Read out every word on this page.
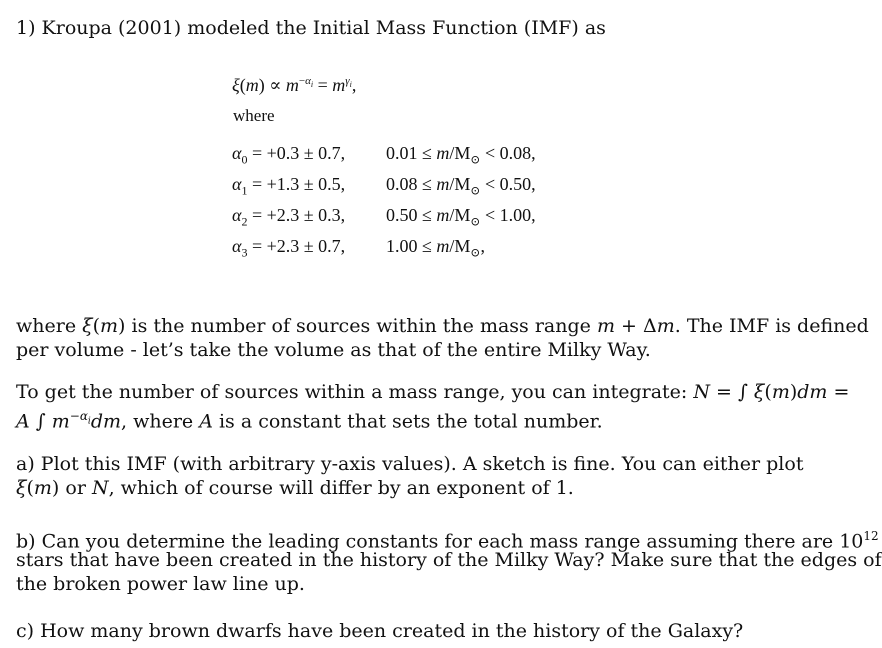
1) Kroupa (2001) modeled the Initial Mass Function (IMF) as
$\xi(m) \propto m^{-\alpha_i} = m^{\gamma_i}$,
where
$\alpha_0 = +0.3 \pm 0.7$, $0.01 \le m/M_⊙ < 0.08$,
$\alpha_1 = +1.3 \pm 0.5$, $0.08 \le m/M_⊙ < 0.50$,
$\alpha_2 = +2.3 \pm 0.3$, $0.50 \le m/M_⊙ < 1.00$,
$\alpha_3 = +2.3 \pm 0.7$, $1.00 \le m/M_⊙$,
where ξ(m) is the number of sources within the mass range m + Δm. The IMF is defined
per volume - let’s take the volume as that of the entire Milky Way.
To get the number of sources within a mass range, you can integrate: N = ∫ ξ(m)dm =
A ∫ $m^{-\alpha_i}dm$, where A is a constant that sets the total number.
a) Plot this IMF (with arbitrary y-axis values). A sketch is fine. You can either plot
ξ(m) or N, which of course will differ by an exponent of 1.
b) Can you determine the leading constants for each mass range assuming there are $10^{12}$
stars that have been created in the history of the Milky Way? Make sure that the edges of
the broken power law line up.
c) How many brown dwarfs have been created in the history of the Galaxy?
